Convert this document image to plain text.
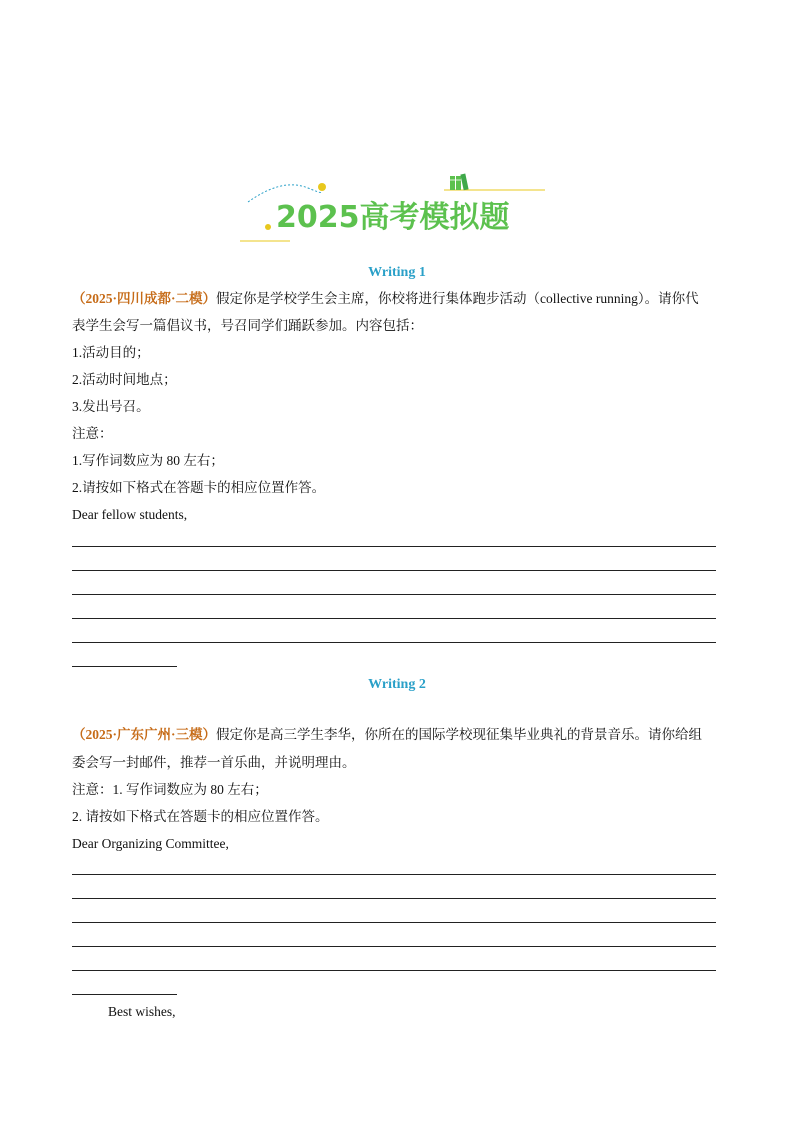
2025高考模拟题
Writing 1
（2025·四川成都·二模）假定你是学校学生会主席，你校将进行集体跑步活动（collective running）。请你代
表学生会写一篇倡议书，号召同学们踊跃参加。内容包括：
1.活动目的；
2.活动时间地点；
3.发出号召。
注意：
1.写作词数应为 80 左右；
2.请按如下格式在答题卡的相应位置作答。
Dear fellow students,
Writing 2
（2025·广东广州·三模）假定你是高三学生李华，你所在的国际学校现征集毕业典礼的背景音乐。请你给组
委会写一封邮件，推荐一首乐曲，并说明理由。
注意：1. 写作词数应为 80 左右；
2. 请按如下格式在答题卡的相应位置作答。
Dear Organizing Committee,
Best wishes,
